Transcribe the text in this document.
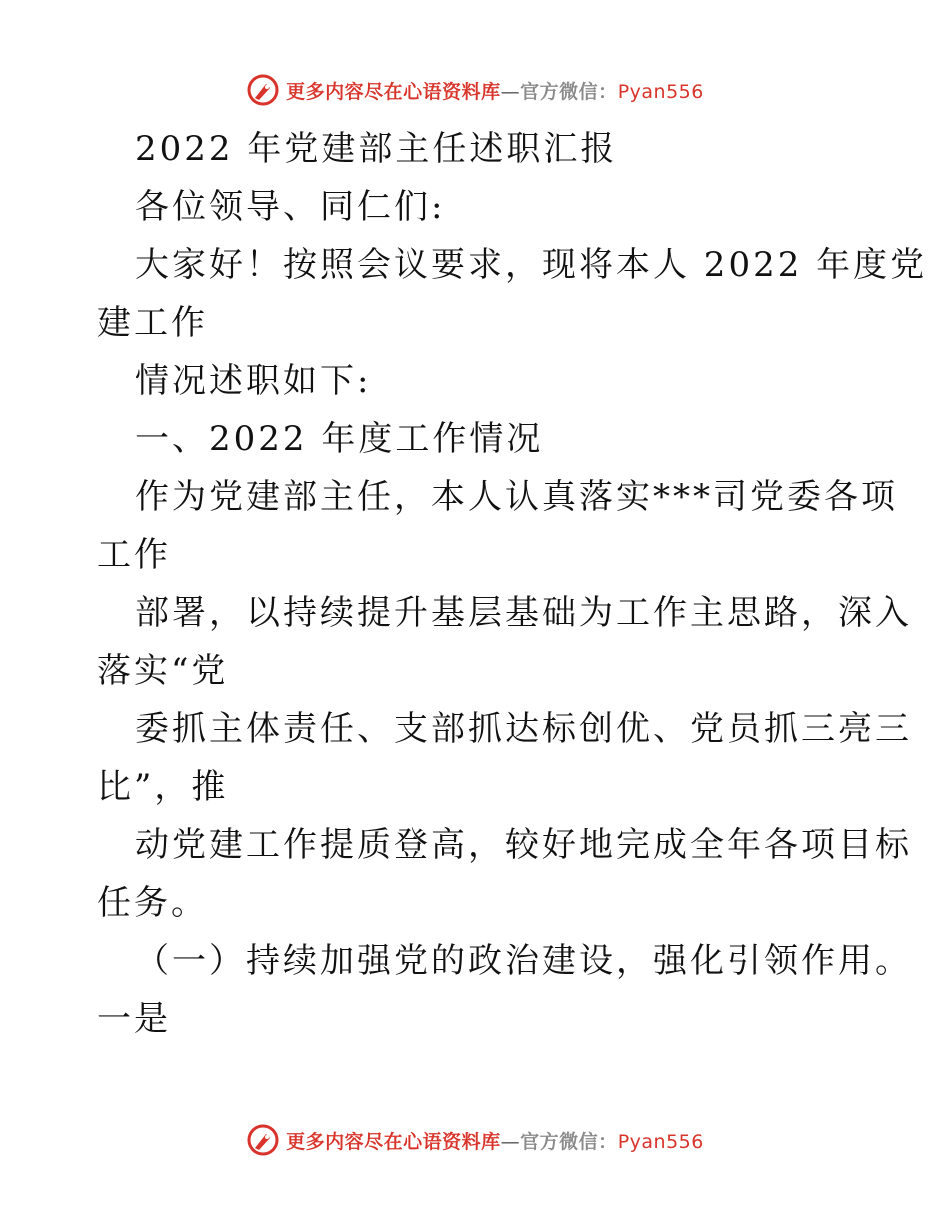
更多内容尽在心语资料库—官方微信：Pyan556
2022 年党建部主任述职汇报
各位领导、同仁们:
大家好！按照会议要求，现将本人 2022 年度党
建工作
情况述职如下:
一、2022 年度工作情况
作为党建部主任，本人认真落实***司党委各项
工作
部署，以持续提升基层基础为工作主思路，深入
落实“党
委抓主体责任、支部抓达标创优、党员抓三亮三
比”，推
动党建工作提质登高，较好地完成全年各项目标
任务。
（一）持续加强党的政治建设，强化引领作用。
一是
更多内容尽在心语资料库—官方微信：Pyan556
